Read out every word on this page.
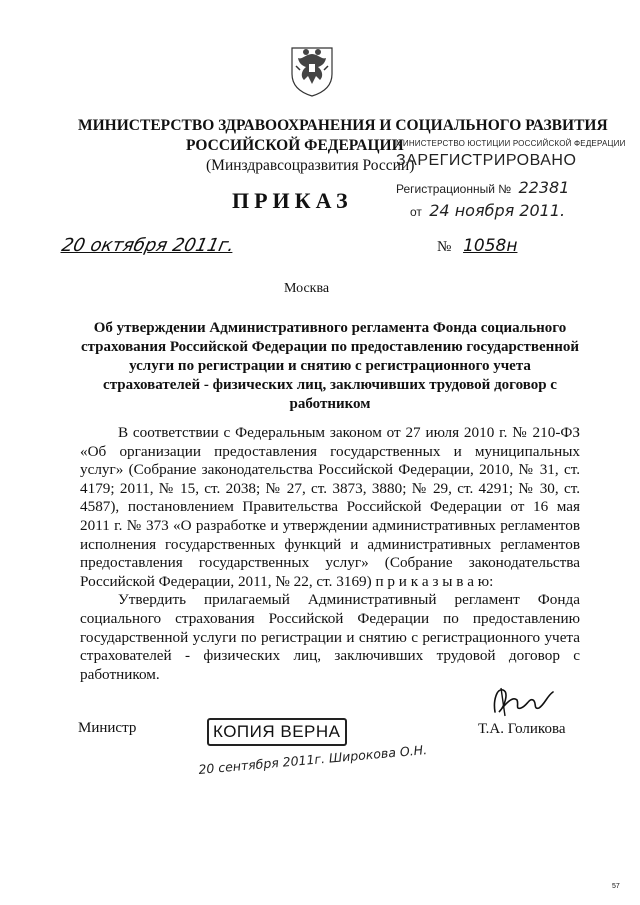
МИНИСТЕРСТВО ЗДРАВООХРАНЕНИЯ И СОЦИАЛЬНОГО РАЗВИТИЯ
РОССИЙСКОЙ ФЕДЕРАЦИИ
(Минздравсоцразвития России)
МИНИСТЕРСТВО ЮСТИЦИИ РОССИЙСКОЙ ФЕДЕРАЦИИ
ЗАРЕГИСТРИРОВАНО
Регистрационный № 22381
от 24 ноября 2011.
ПРИКАЗ
20 октября 2011г.	№ 1058н
Москва
Об утверждении Административного регламента Фонда социального страхования Российской Федерации по предоставлению государственной услуги по регистрации и снятию с регистрационного учета страхователей - физических лиц, заключивших трудовой договор с работником

В соответствии с Федеральным законом от 27 июля 2010 г. № 210-ФЗ «Об организации предоставления государственных и муниципальных услуг» (Собрание законодательства Российской Федерации, 2010, № 31, ст. 4179; 2011, № 15, ст. 2038; № 27, ст. 3873, 3880; № 29, ст. 4291; № 30, ст. 4587), постановлением Правительства Российской Федерации от 16 мая 2011 г. № 373 «О разработке и утверждении административных регламентов исполнения государственных функций и административных регламентов предоставления государственных услуг» (Собрание законодательства Российской Федерации, 2011, № 22, ст. 3169) п р и к а з ы в а ю:

Утвердить прилагаемый Административный регламент Фонда социального страхования Российской Федерации по предоставлению государственной услуги по регистрации и снятию с регистрационного учета страхователей - физических лиц, заключивших трудовой договор с работником.

Министр	Т.А. Голикова
КОПИЯ ВЕРНА
20 сентября 2011г. Широкова О.Н.
57
